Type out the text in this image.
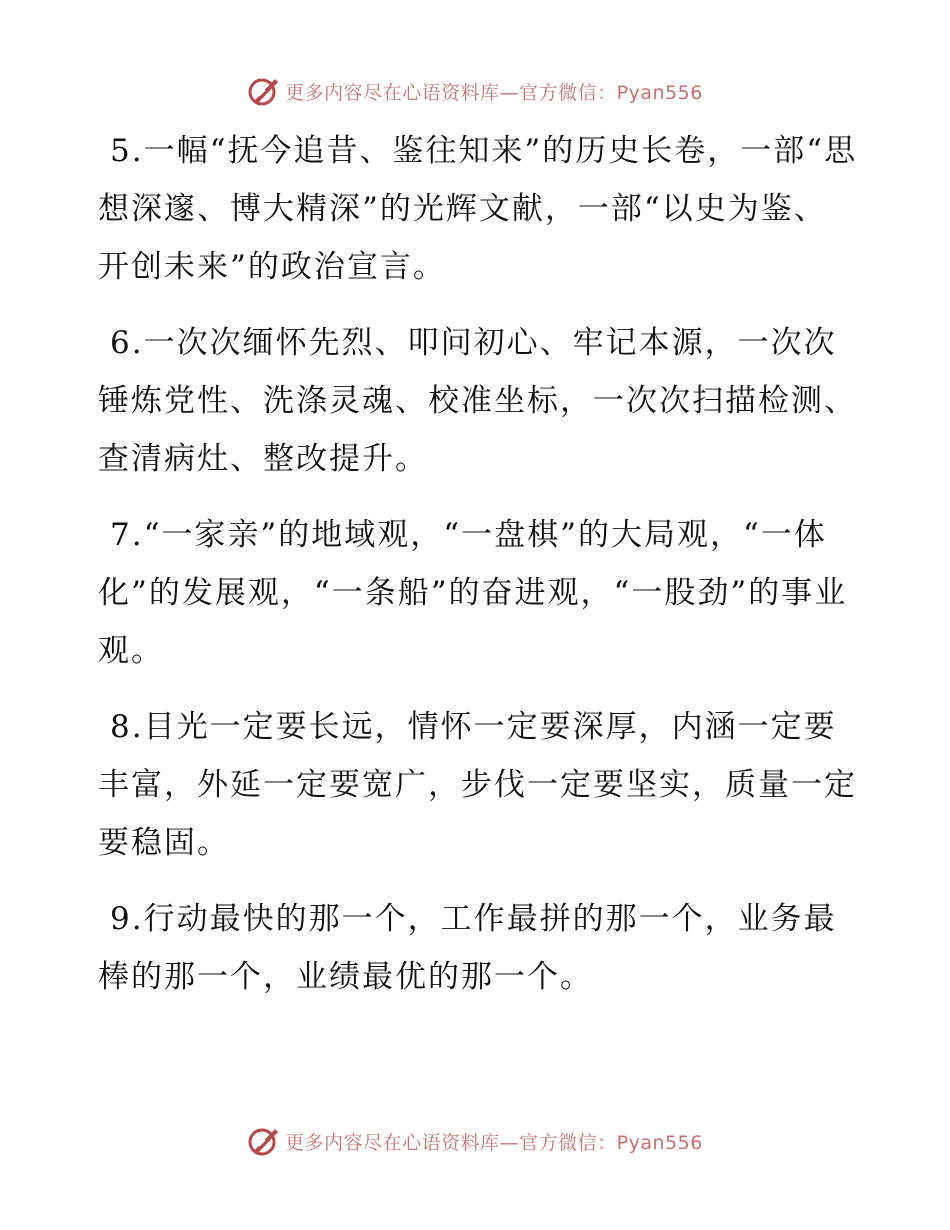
更多内容尽在心语资料库—官方微信：Pyan556

5.一幅“抚今追昔、鉴往知来”的历史长卷，一部“思想深邃、博大精深”的光辉文献，一部“以史为鉴、开创未来”的政治宣言。

6.一次次缅怀先烈、叩问初心、牢记本源，一次次锤炼党性、洗涤灵魂、校准坐标，一次次扫描检测、查清病灶、整改提升。

7.“一家亲”的地域观，“一盘棋”的大局观，“一体化”的发展观，“一条船”的奋进观，“一股劲”的事业观。

8.目光一定要长远，情怀一定要深厚，内涵一定要丰富，外延一定要宽广，步伐一定要坚实，质量一定要稳固。

9.行动最快的那一个，工作最拼的那一个，业务最棒的那一个，业绩最优的那一个。

更多内容尽在心语资料库—官方微信：Pyan556
